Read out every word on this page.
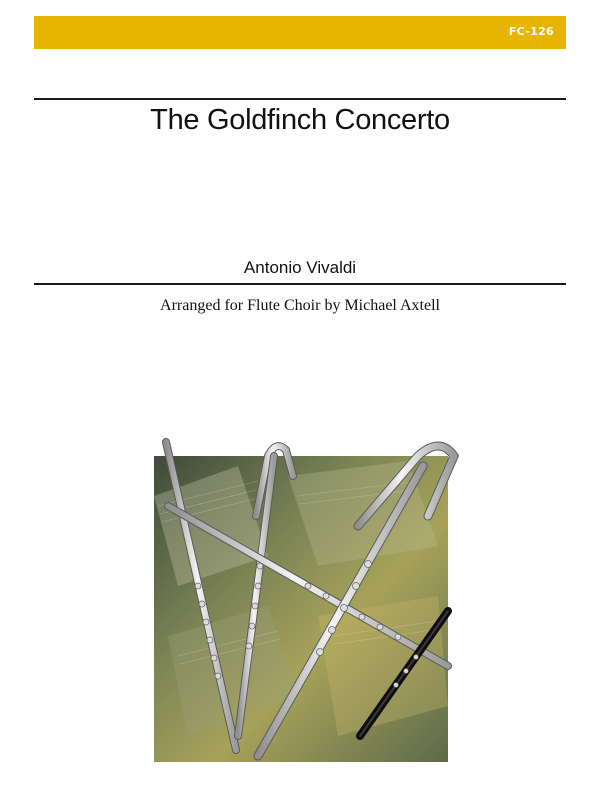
FC-126
The Goldfinch Concerto
Antonio Vivaldi
Arranged for Flute Choir by Michael Axtell
